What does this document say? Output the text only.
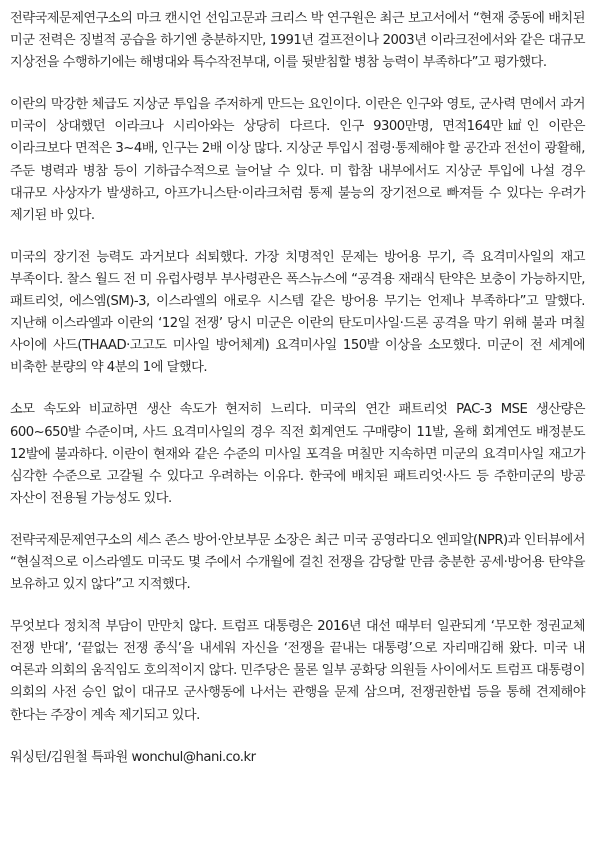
전략국제문제연구소의 마크 캔시언 선임고문과 크리스 박 연구원은 최근 보고서에서 “현재 중동에 배치된 미군 전력은 징벌적 공습을 하기엔 충분하지만, 1991년 걸프전이나 2003년 이라크전에서와 같은 대규모 지상전을 수행하기에는 해병대와 특수작전부대, 이를 뒷받침할 병참 능력이 부족하다”고 평가했다.

이란의 막강한 체급도 지상군 투입을 주저하게 만드는 요인이다. 이란은 인구와 영토, 군사력 면에서 과거 미국이 상대했던 이라크나 시리아와는 상당히 다르다. 인구 9300만명, 면적164만㎢인 이란은 이라크보다 면적은 3~4배, 인구는 2배 이상 많다. 지상군 투입시 점령·통제해야 할 공간과 전선이 광활해, 주둔 병력과 병참 등이 기하급수적으로 늘어날 수 있다. 미 합참 내부에서도 지상군 투입에 나설 경우 대규모 사상자가 발생하고, 아프가니스탄·이라크처럼 통제 불능의 장기전으로 빠져들 수 있다는 우려가 제기된 바 있다.

미국의 장기전 능력도 과거보다 쇠퇴했다. 가장 치명적인 문제는 방어용 무기, 즉 요격미사일의 재고 부족이다. 찰스 월드 전 미 유럽사령부 부사령관은 폭스뉴스에 “공격용 재래식 탄약은 보충이 가능하지만, 패트리엇, 에스엠(SM)-3, 이스라엘의 애로우 시스템 같은 방어용 무기는 언제나 부족하다”고 말했다. 지난해 이스라엘과 이란의 ‘12일 전쟁’ 당시 미군은 이란의 탄도미사일·드론 공격을 막기 위해 불과 며칠 사이에 사드(THAAD·고고도 미사일 방어체계) 요격미사일 150발 이상을 소모했다. 미군이 전 세계에 비축한 분량의 약 4분의 1에 달했다.

소모 속도와 비교하면 생산 속도가 현저히 느리다. 미국의 연간 패트리엇 PAC-3 MSE 생산량은 600~650발 수준이며, 사드 요격미사일의 경우 직전 회계연도 구매량이 11발, 올해 회계연도 배정분도 12발에 불과하다. 이란이 현재와 같은 수준의 미사일 포격을 며칠만 지속하면 미군의 요격미사일 재고가 심각한 수준으로 고갈될 수 있다고 우려하는 이유다. 한국에 배치된 패트리엇·사드 등 주한미군의 방공 자산이 전용될 가능성도 있다.

전략국제문제연구소의 세스 존스 방어·안보부문 소장은 최근 미국 공영라디오 엔피알(NPR)과 인터뷰에서 “현실적으로 이스라엘도 미국도 몇 주에서 수개월에 걸친 전쟁을 감당할 만큼 충분한 공세·방어용 탄약을 보유하고 있지 않다”고 지적했다.

무엇보다 정치적 부담이 만만치 않다. 트럼프 대통령은 2016년 대선 때부터 일관되게 ‘무모한 정권교체 전쟁 반대’, ‘끝없는 전쟁 종식’을 내세워 자신을 ‘전쟁을 끝내는 대통령’으로 자리매김해 왔다. 미국 내 여론과 의회의 움직임도 호의적이지 않다. 민주당은 물론 일부 공화당 의원들 사이에서도 트럼프 대통령이 의회의 사전 승인 없이 대규모 군사행동에 나서는 관행을 문제 삼으며, 전쟁권한법 등을 통해 견제해야 한다는 주장이 계속 제기되고 있다.

워싱턴/김원철 특파원 wonchul@hani.co.kr
